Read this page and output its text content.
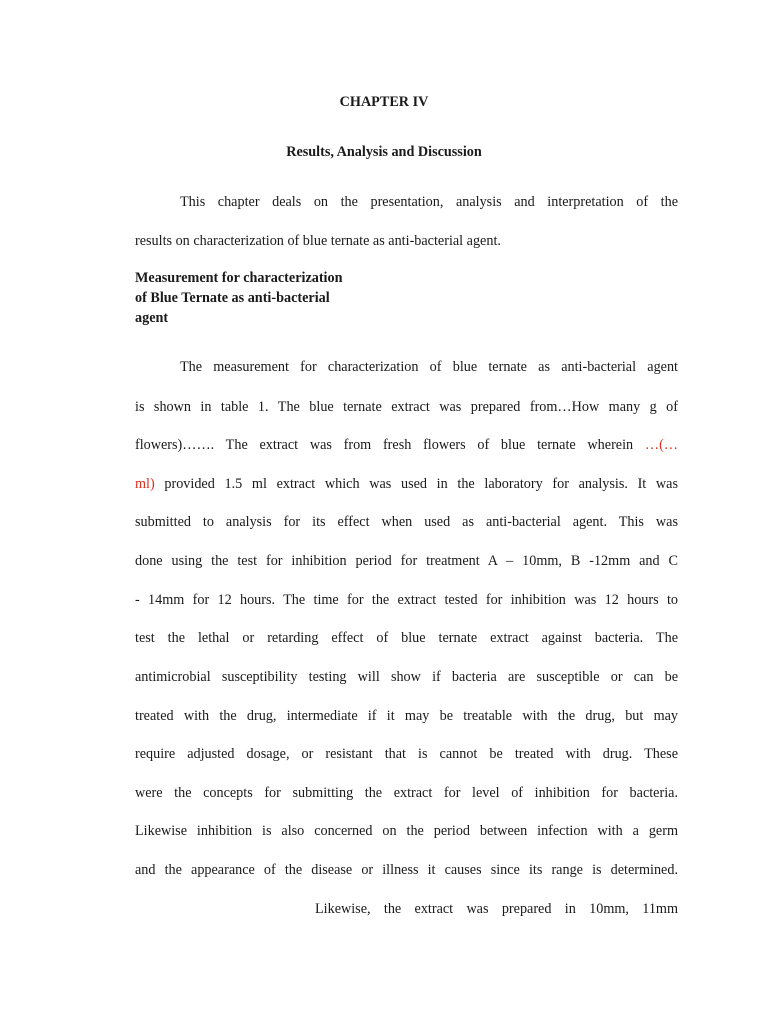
CHAPTER IV
Results, Analysis and Discussion
This chapter deals on the presentation, analysis and interpretation of the
results on characterization of blue ternate as anti-bacterial agent.
Measurement for characterization
of Blue Ternate as anti-bacterial
agent
The measurement for characterization of blue ternate as anti-bacterial agent
is shown in table 1. The blue ternate extract was prepared from…How many g of
flowers)……. The extract was from fresh flowers of blue ternate wherein …(…
ml) provided 1.5 ml extract which was used in the laboratory for analysis. It was
submitted to analysis for its effect when used as anti-bacterial agent. This was
done using the test for inhibition period for treatment A – 10mm, B -12mm and C
- 14mm for 12 hours. The time for the extract tested for inhibition was 12 hours to
test the lethal or retarding effect of blue ternate extract against bacteria. The
antimicrobial susceptibility testing will show if bacteria are susceptible or can be
treated with the drug, intermediate if it may be treatable with the drug, but may
require adjusted dosage, or resistant that is cannot be treated with drug. These
were the concepts for submitting the extract for level of inhibition for bacteria.
Likewise inhibition is also concerned on the period between infection with a germ
and the appearance of the disease or illness it causes since its range is determined.
Likewise, the extract was prepared in 10mm, 11mm
